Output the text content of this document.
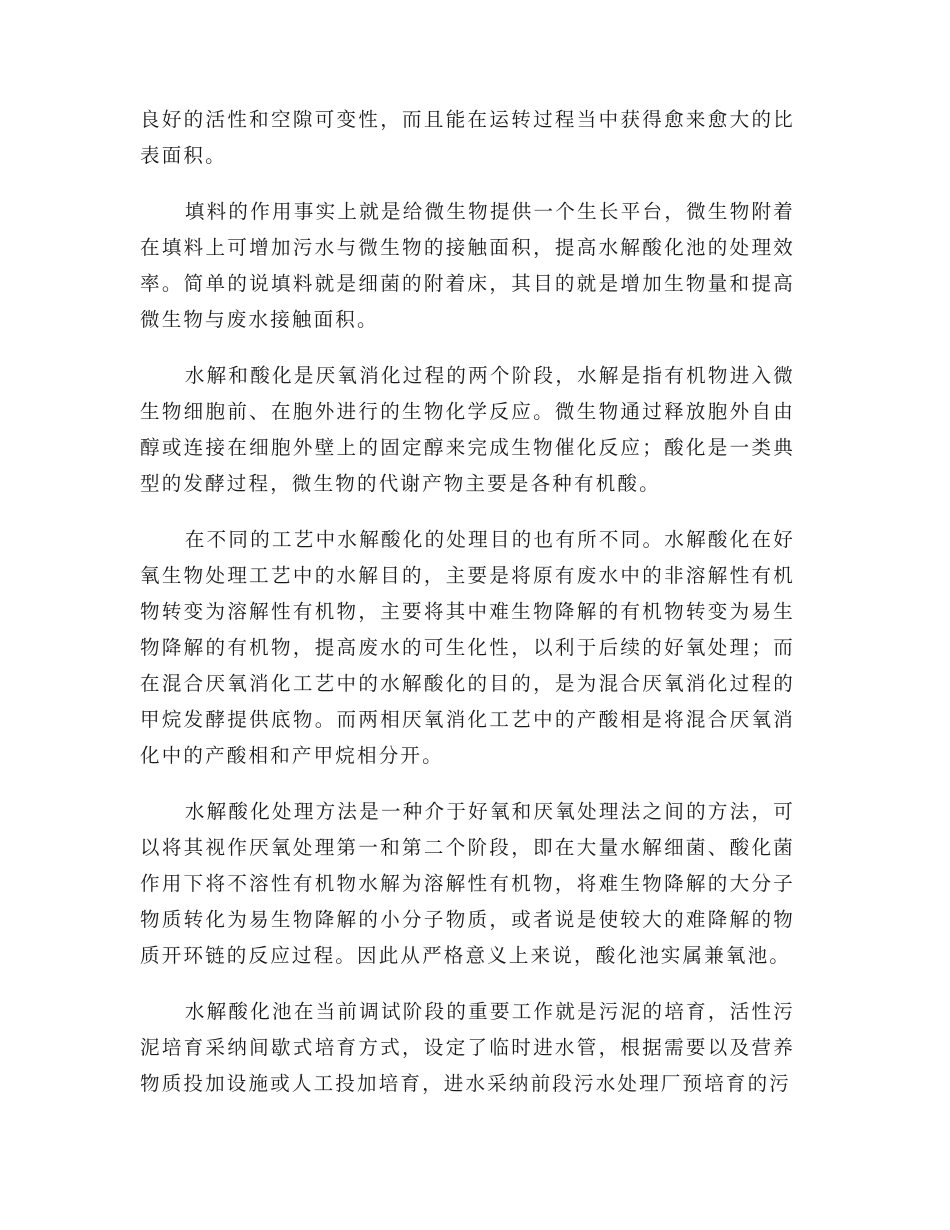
良好的活性和空隙可变性，而且能在运转过程当中获得愈来愈大的比表面积。

填料的作用事实上就是给微生物提供一个生长平台，微生物附着在填料上可增加污水与微生物的接触面积，提高水解酸化池的处理效率。简单的说填料就是细菌的附着床，其目的就是增加生物量和提高微生物与废水接触面积。

水解和酸化是厌氧消化过程的两个阶段，水解是指有机物进入微生物细胞前、在胞外进行的生物化学反应。微生物通过释放胞外自由醇或连接在细胞外壁上的固定醇来完成生物催化反应；酸化是一类典型的发酵过程，微生物的代谢产物主要是各种有机酸。

在不同的工艺中水解酸化的处理目的也有所不同。水解酸化在好氧生物处理工艺中的水解目的，主要是将原有废水中的非溶解性有机物转变为溶解性有机物，主要将其中难生物降解的有机物转变为易生物降解的有机物，提高废水的可生化性，以利于后续的好氧处理；而在混合厌氧消化工艺中的水解酸化的目的，是为混合厌氧消化过程的甲烷发酵提供底物。而两相厌氧消化工艺中的产酸相是将混合厌氧消化中的产酸相和产甲烷相分开。

水解酸化处理方法是一种介于好氧和厌氧处理法之间的方法，可以将其视作厌氧处理第一和第二个阶段，即在大量水解细菌、酸化菌作用下将不溶性有机物水解为溶解性有机物，将难生物降解的大分子物质转化为易生物降解的小分子物质，或者说是使较大的难降解的物质开环链的反应过程。因此从严格意义上来说，酸化池实属兼氧池。

水解酸化池在当前调试阶段的重要工作就是污泥的培育，活性污泥培育采纳间歇式培育方式，设定了临时进水管，根据需要以及营养物质投加设施或人工投加培育，进水采纳前段污水处理厂预培育的污
